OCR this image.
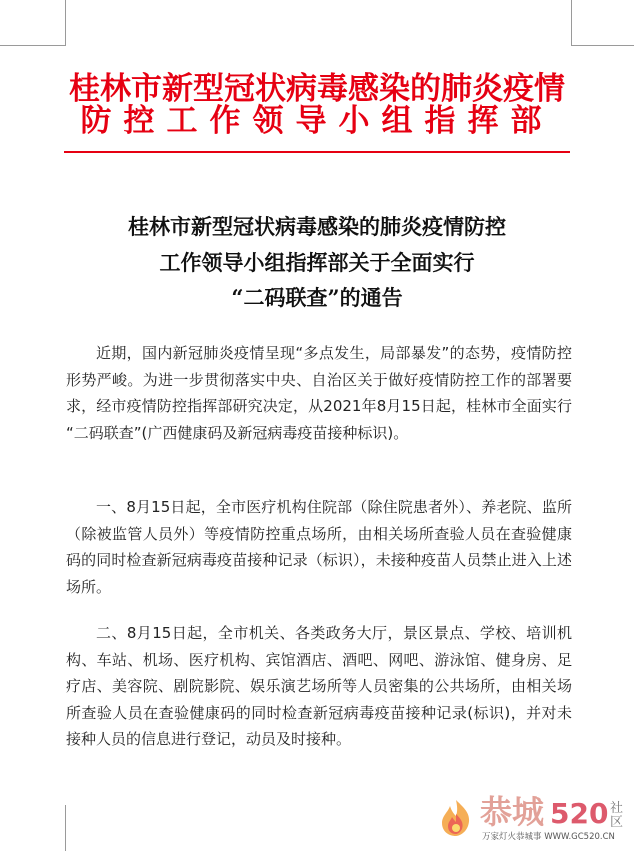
桂林市新型冠状病毒感染的肺炎疫情
防控工作领导小组指挥部
桂林市新型冠状病毒感染的肺炎疫情防控
工作领导小组指挥部关于全面实行
“二码联查”的通告

近期，国内新冠肺炎疫情呈现“多点发生，局部暴发”的态势，疫情防控形势严峻。为进一步贯彻落实中央、自治区关于做好疫情防控工作的部署要求，经市疫情防控指挥部研究决定，从2021年8月15日起，桂林市全面实行 “二码联查”(广西健康码及新冠病毒疫苗接种标识)。

一、8月15日起，全市医疗机构住院部（除住院患者外）、养老院、监所（除被监管人员外）等疫情防控重点场所，由相关场所查验人员在查验健康码的同时检查新冠病毒疫苗接种记录（标识），未接种疫苗人员禁止进入上述场所。

二、8月15日起，全市机关、各类政务大厅，景区景点、学校、培训机构、车站、机场、医疗机构、宾馆酒店、酒吧、网吧、游泳馆、健身房、足疗店、美容院、剧院影院、娱乐演艺场所等人员密集的公共场所，由相关场所查验人员在查验健康码的同时检查新冠病毒疫苗接种记录(标识)，并对未接种人员的信息进行登记，动员及时接种。

恭城 520 社区
万家灯火恭城事 WWW.GC520.CN
